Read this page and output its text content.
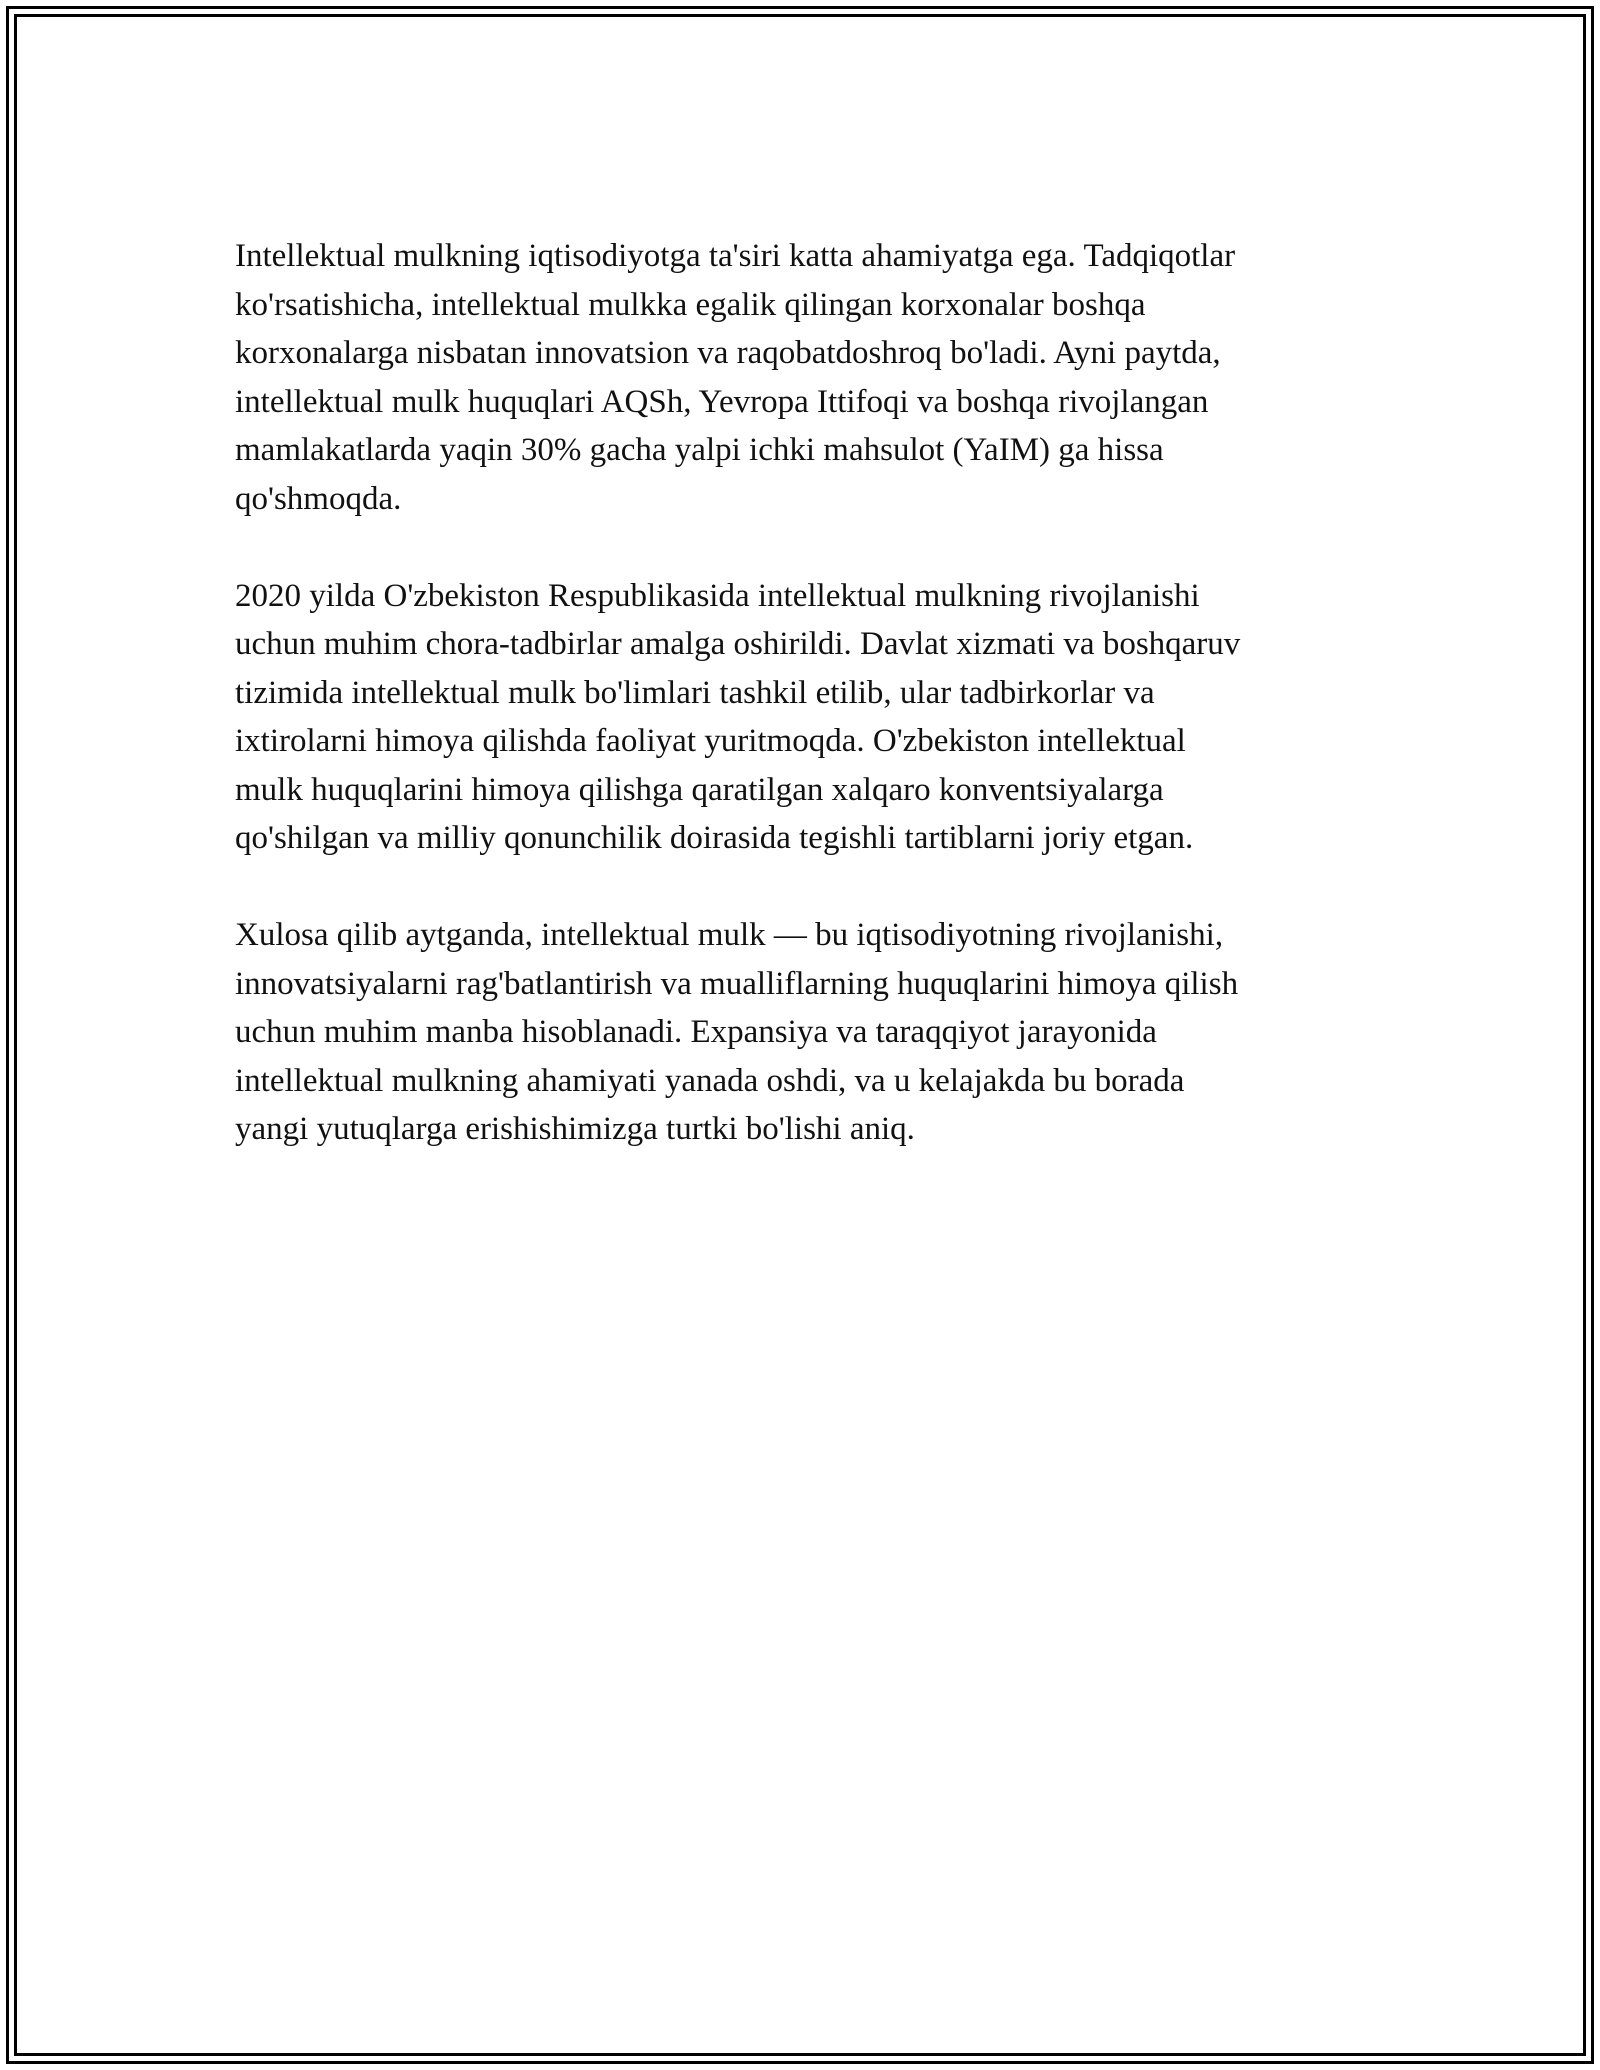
Intellektual mulkning iqtisodiyotga ta'siri katta ahamiyatga ega. Tadqiqotlar
ko'rsatishicha, intellektual mulkka egalik qilingan korxonalar boshqa
korxonalarga nisbatan innovatsion va raqobatdoshroq bo'ladi. Ayni paytda,
intellektual mulk huquqlari AQSh, Yevropa Ittifoqi va boshqa rivojlangan
mamlakatlarda yaqin 30% gacha yalpi ichki mahsulot (YaIM) ga hissa
qo'shmoqda.

2020 yilda O'zbekiston Respublikasida intellektual mulkning rivojlanishi
uchun muhim chora-tadbirlar amalga oshirildi. Davlat xizmati va boshqaruv
tizimida intellektual mulk bo'limlari tashkil etilib, ular tadbirkorlar va
ixtirolarni himoya qilishda faoliyat yuritmoqda. O'zbekiston intellektual
mulk huquqlarini himoya qilishga qaratilgan xalqaro konventsiyalarga
qo'shilgan va milliy qonunchilik doirasida tegishli tartiblarni joriy etgan.

Xulosa qilib aytganda, intellektual mulk — bu iqtisodiyotning rivojlanishi,
innovatsiyalarni rag'batlantirish va mualliflarning huquqlarini himoya qilish
uchun muhim manba hisoblanadi. Expansiya va taraqqiyot jarayonida
intellektual mulkning ahamiyati yanada oshdi, va u kelajakda bu borada
yangi yutuqlarga erishishimizga turtki bo'lishi aniq.
